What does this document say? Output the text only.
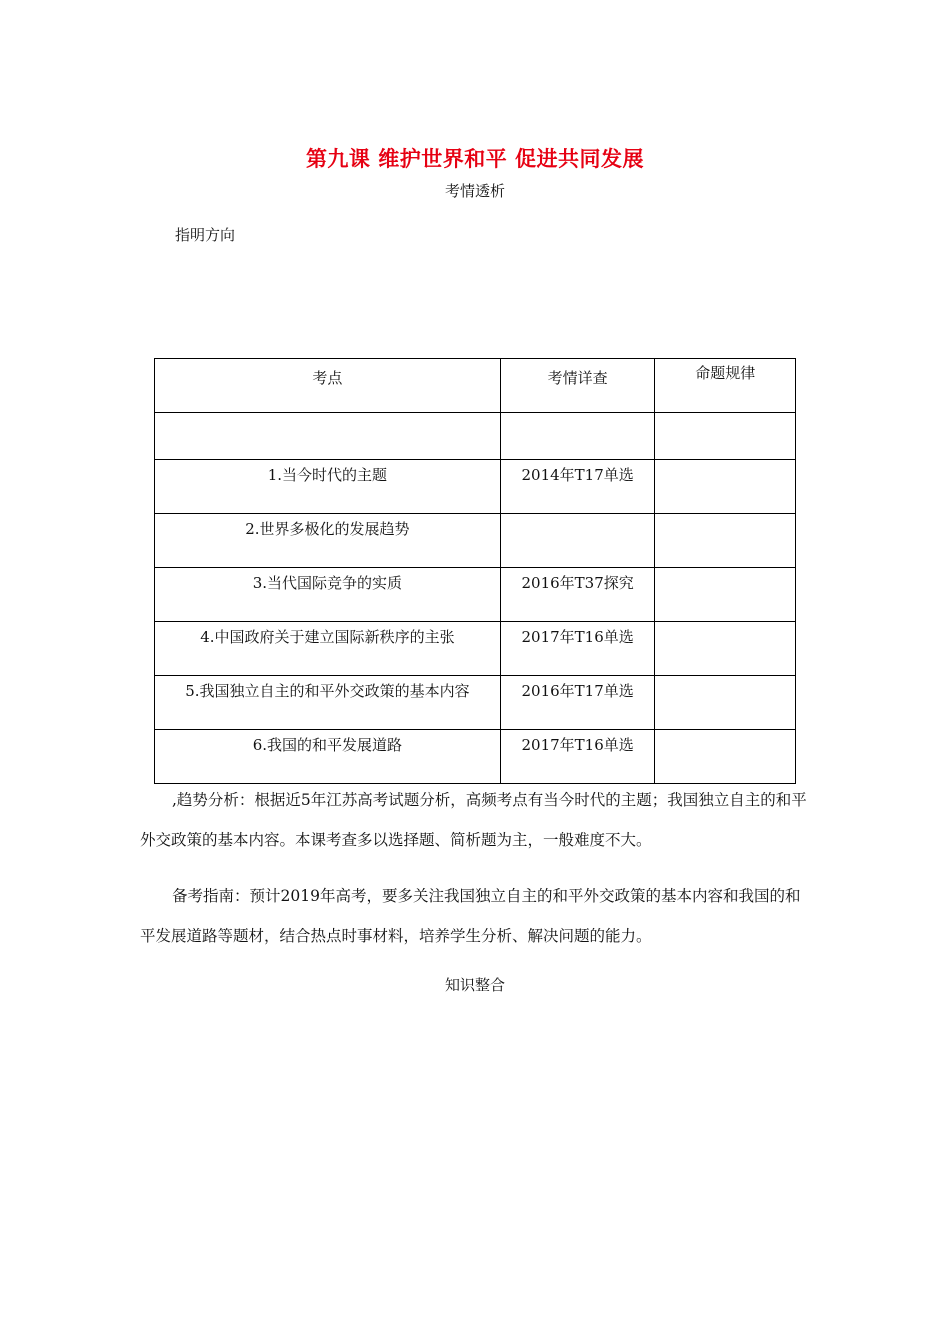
第九课 维护世界和平 促进共同发展
考情透析
指明方向
考点	考情详查	命题规律

1.当今时代的主题	2014年T17单选	

2.世界多极化的发展趋势		

3.当代国际竞争的实质	2016年T37探究	

4.中国政府关于建立国际新秩序的主张	2017年T16单选	

5.我国独立自主的和平外交政策的基本内容	2016年T17单选	

6.我国的和平发展道路	2017年T16单选	

,趋势分析：根据近5年江苏高考试题分析，高频考点有当今时代的主题；我国独立自主的和平外交政策的基本内容。本课考查多以选择题、简析题为主，一般难度不大。

备考指南：预计2019年高考，要多关注我国独立自主的和平外交政策的基本内容和我国的和平发展道路等题材，结合热点时事材料，培养学生分析、解决问题的能力。

知识整合
